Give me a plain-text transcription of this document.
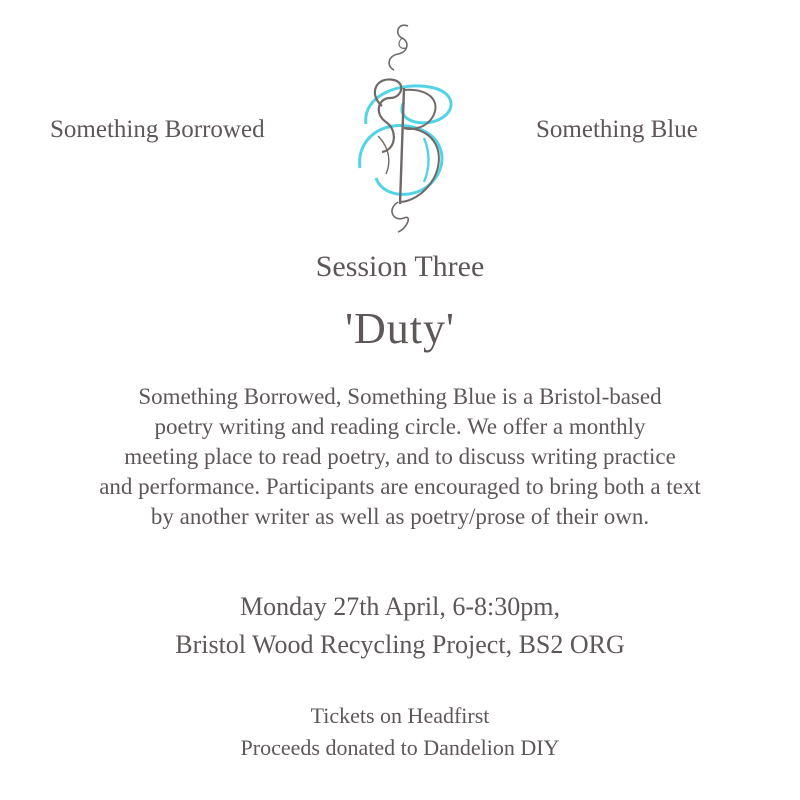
Something Borrowed	Something Blue
Session Three
'Duty'
Something Borrowed, Something Blue is a Bristol-based
poetry writing and reading circle. We offer a monthly
meeting place to read poetry, and to discuss writing practice
and performance. Participants are encouraged to bring both a text
by another writer as well as poetry/prose of their own.
Monday 27th April, 6-8:30pm,
Bristol Wood Recycling Project, BS2 ORG
Tickets on Headfirst
Proceeds donated to Dandelion DIY
